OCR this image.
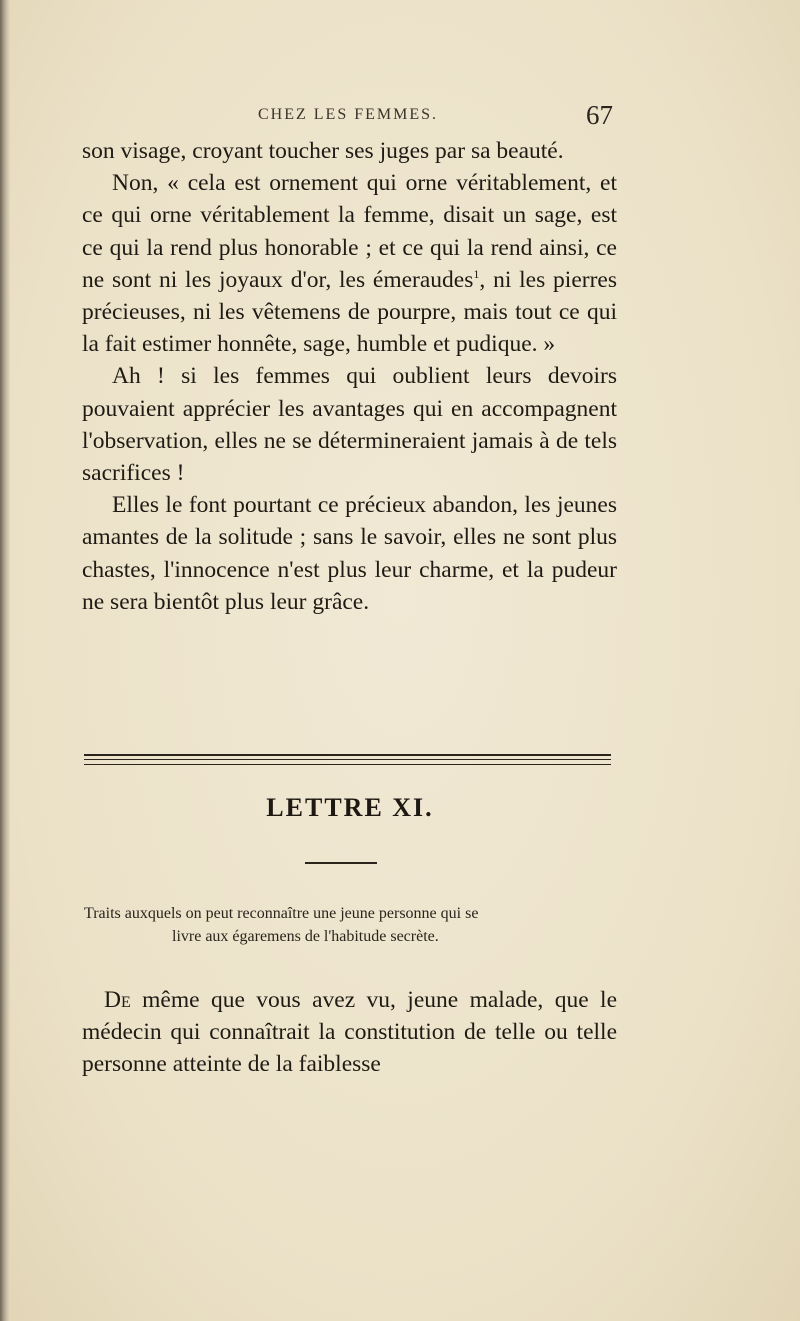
CHEZ LES FEMMES.	67

son visage, croyant toucher ses juges par sa beauté.

Non, « cela est ornement qui orne véritablement, et ce qui orne véritablement la femme, disait un sage, est ce qui la rend plus honorable ; et ce qui la rend ainsi, ce ne sont ni les joyaux d'or, les émeraudes$^1$, ni les pierres précieuses, ni les vêtemens de pourpre, mais tout ce qui la fait estimer honnête, sage, humble et pudique. »

Ah ! si les femmes qui oublient leurs devoirs pouvaient apprécier les avantages qui en accompagnent l'observation, elles ne se détermineraient jamais à de tels sacrifices !

Elles le font pourtant ce précieux abandon, les jeunes amantes de la solitude ; sans le savoir, elles ne sont plus chastes, l'innocence n'est plus leur charme, et la pudeur ne sera bientôt plus leur grâce.

LETTRE XI.
Traits auxquels on peut reconnaître une jeune personne qui se
livre aux égaremens de l'habitude secrète.

De même que vous avez vu, jeune malade, que le médecin qui connaîtrait la constitution de telle ou telle personne atteinte de la faiblesse
